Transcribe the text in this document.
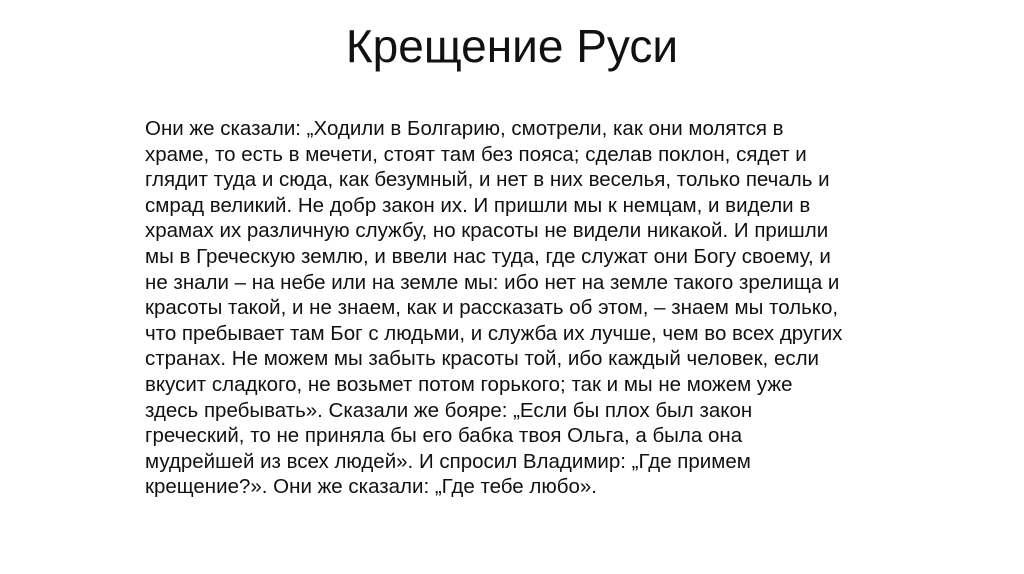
Крещение Руси
Они же сказали: „Ходили в Болгарию, смотрели, как они молятся в
храме, то есть в мечети, стоят там без пояса; сделав поклон, сядет и
глядит туда и сюда, как безумный, и нет в них веселья, только печаль и
смрад великий. Не добр закон их. И пришли мы к немцам, и видели в
храмах их различную службу, но красоты не видели никакой. И пришли
мы в Греческую землю, и ввели нас туда, где служат они Богу своему, и
не знали – на небе или на земле мы: ибо нет на земле такого зрелища и
красоты такой, и не знаем, как и рассказать об этом, – знаем мы только,
что пребывает там Бог с людьми, и служба их лучше, чем во всех других
странах. Не можем мы забыть красоты той, ибо каждый человек, если
вкусит сладкого, не возьмет потом горького; так и мы не можем уже
здесь пребывать». Сказали же бояре: „Если бы плох был закон
греческий, то не приняла бы его бабка твоя Ольга, а была она
мудрейшей из всех людей». И спросил Владимир: „Где примем
крещение?». Они же сказали: „Где тебе любо».
